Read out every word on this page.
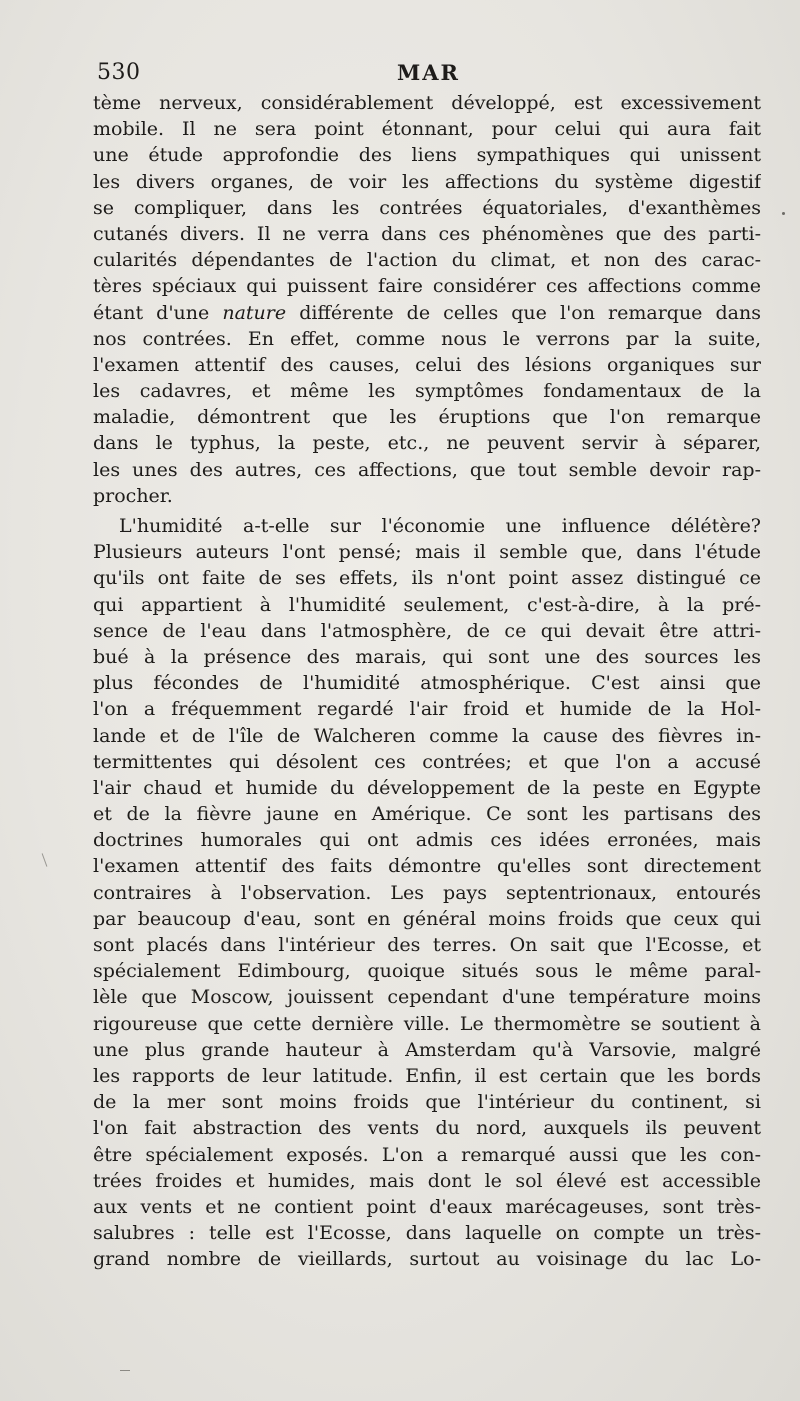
530	MAR
tème nerveux, considérablement développé, est excessivement
mobile. Il ne sera point étonnant, pour celui qui aura fait
une étude approfondie des liens sympathiques qui unissent
les divers organes, de voir les affections du système digestif
se compliquer, dans les contrées équatoriales, d'exanthèmes
cutanés divers. Il ne verra dans ces phénomènes que des parti-
cularités dépendantes de l'action du climat, et non des carac-
tères spéciaux qui puissent faire considérer ces affections comme
étant d'une nature différente de celles que l'on remarque dans
nos contrées. En effet, comme nous le verrons par la suite,
l'examen attentif des causes, celui des lésions organiques sur
les cadavres, et même les symptômes fondamentaux de la
maladie, démontrent que les éruptions que l'on remarque
dans le typhus, la peste, etc., ne peuvent servir à séparer,
les unes des autres, ces affections, que tout semble devoir rap-
procher.
L'humidité a-t-elle sur l'économie une influence délétère?
Plusieurs auteurs l'ont pensé; mais il semble que, dans l'étude
qu'ils ont faite de ses effets, ils n'ont point assez distingué ce
qui appartient à l'humidité seulement, c'est-à-dire, à la pré-
sence de l'eau dans l'atmosphère, de ce qui devait être attri-
bué à la présence des marais, qui sont une des sources les
plus fécondes de l'humidité atmosphérique. C'est ainsi que
l'on a fréquemment regardé l'air froid et humide de la Hol-
lande et de l'île de Walcheren comme la cause des fièvres in-
termittentes qui désolent ces contrées; et que l'on a accusé
l'air chaud et humide du développement de la peste en Egypte
et de la fièvre jaune en Amérique. Ce sont les partisans des
doctrines humorales qui ont admis ces idées erronées, mais
l'examen attentif des faits démontre qu'elles sont directement
contraires à l'observation. Les pays septentrionaux, entourés
par beaucoup d'eau, sont en général moins froids que ceux qui
sont placés dans l'intérieur des terres. On sait que l'Ecosse, et
spécialement Edimbourg, quoique situés sous le même paral-
lèle que Moscow, jouissent cependant d'une température moins
rigoureuse que cette dernière ville. Le thermomètre se soutient à
une plus grande hauteur à Amsterdam qu'à Varsovie, malgré
les rapports de leur latitude. Enfin, il est certain que les bords
de la mer sont moins froids que l'intérieur du continent, si
l'on fait abstraction des vents du nord, auxquels ils peuvent
être spécialement exposés. L'on a remarqué aussi que les con-
trées froides et humides, mais dont le sol élevé est accessible
aux vents et ne contient point d'eaux marécageuses, sont très-
salubres : telle est l'Ecosse, dans laquelle on compte un très-
grand nombre de vieillards, surtout au voisinage du lac Lo-
